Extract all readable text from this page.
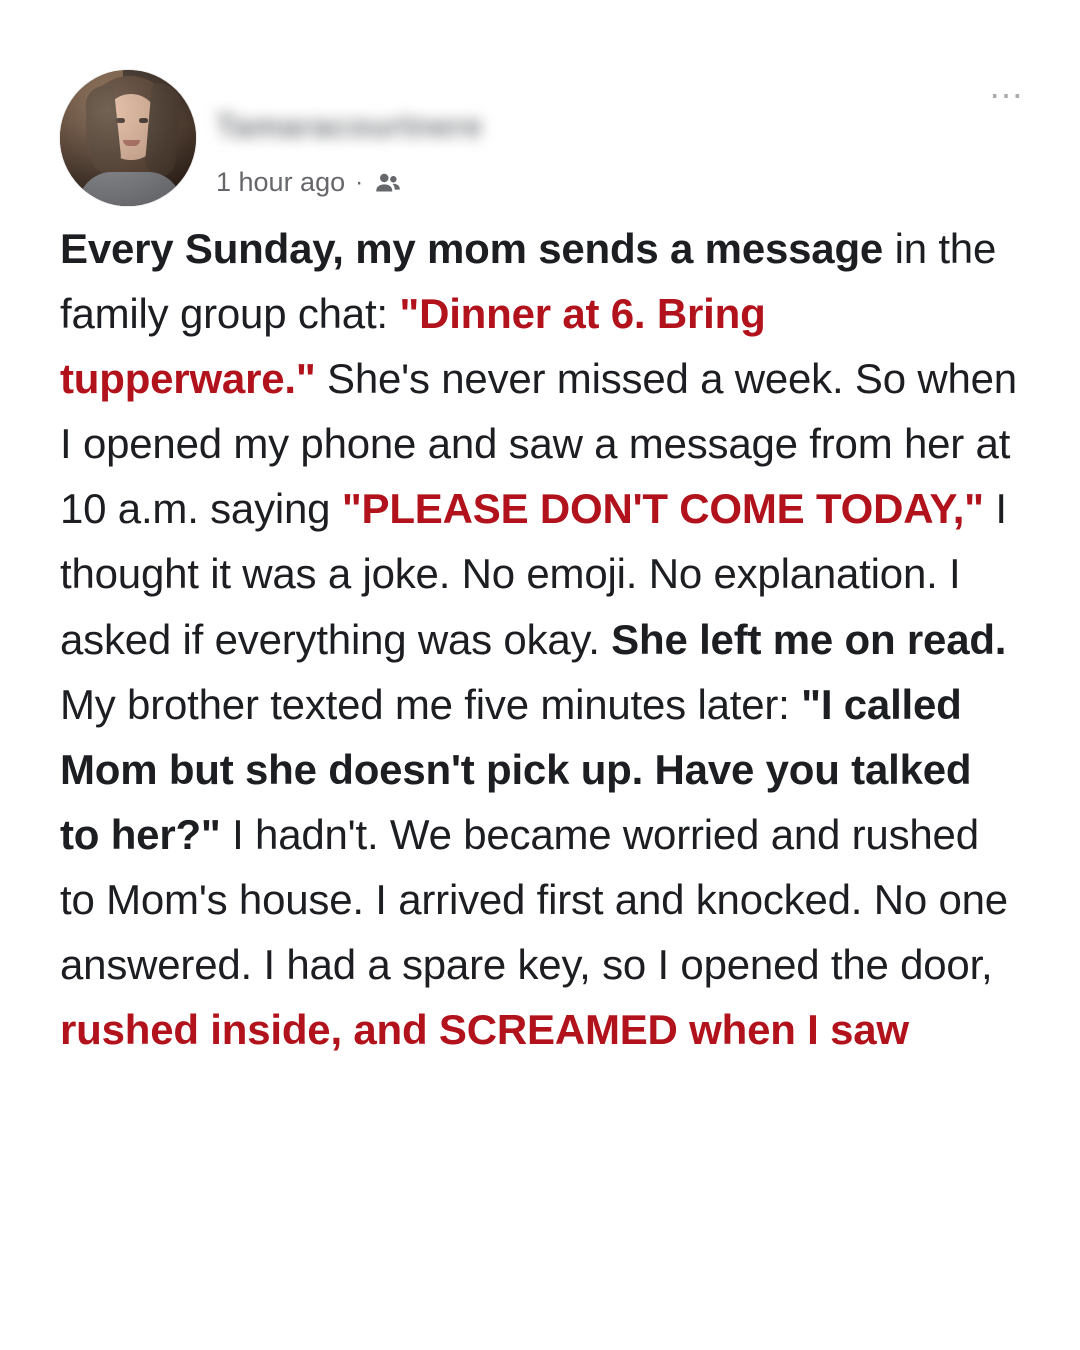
⋯
Tamaracourtnere
1 hour ago ·
Every Sunday, my mom sends a message in the family group chat: "Dinner at 6. Bring tupperware." She's never missed a week. So when I opened my phone and saw a message from her at 10 a.m. saying "PLEASE DON'T COME TODAY," I thought it was a joke. No emoji. No explanation. I asked if everything was okay. She left me on read. My brother texted me five minutes later: "I called Mom but she doesn't pick up. Have you talked to her?" I hadn't. We became worried and rushed to Mom's house. I arrived first and knocked. No one answered. I had a spare key, so I opened the door, rushed inside, and SCREAMED when I saw
